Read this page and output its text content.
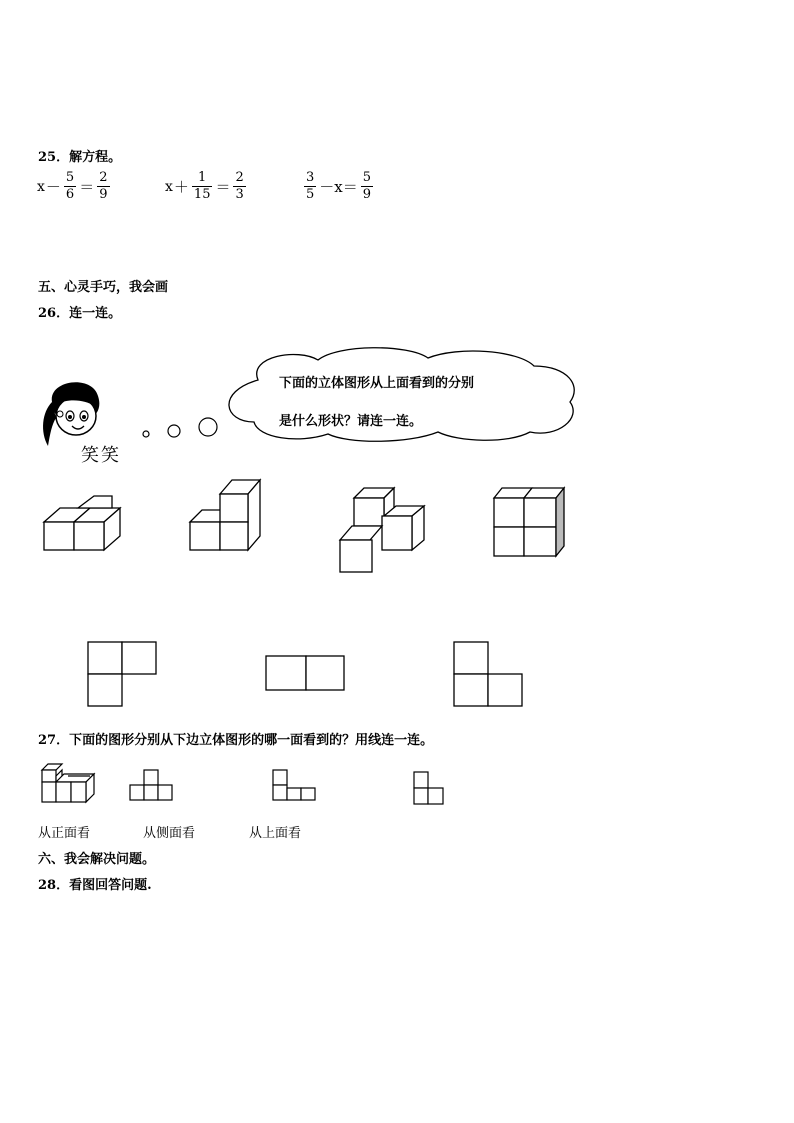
25．解方程。
$x - \frac{5}{6} = \frac{2}{9}$	$x + \frac{1}{15} = \frac{2}{3}$	$\frac{3}{5} -x= \frac{5}{9}$
五、心灵手巧，我会画
26．连一连。
笑笑
下面的立体图形从上面看到的分别
是什么形状？请连一连。
27．下面的图形分别从下边立体图形的哪一面看到的？用线连一连。
从正面看	从侧面看	从上面看
六、我会解决问题。
28．看图回答问题.
